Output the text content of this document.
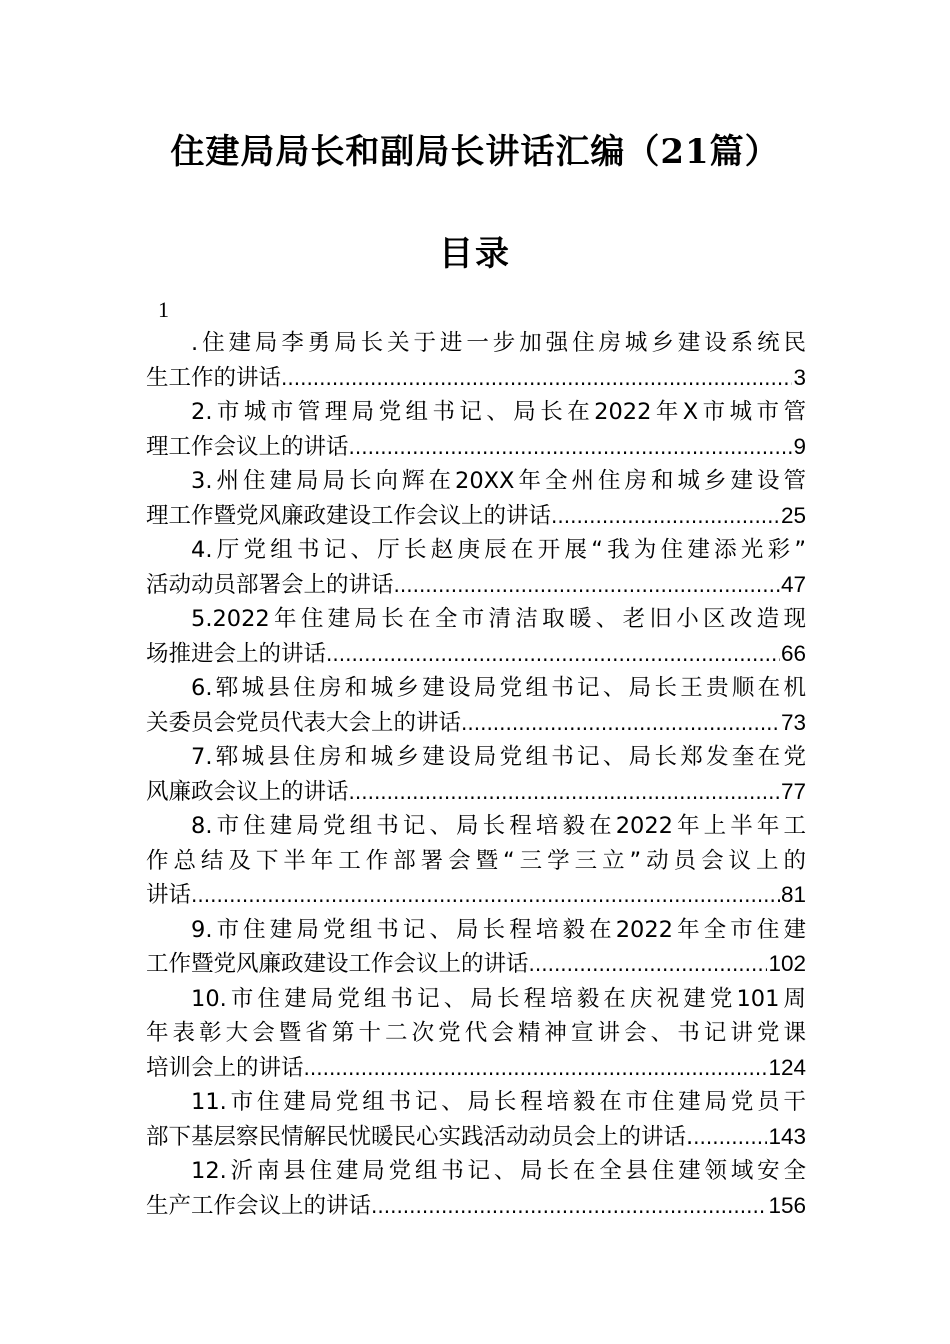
住建局局长和副局长讲话汇编（21篇）
目录
1
.住建局李勇局长关于进一步加强住房城乡建设系统民
生工作的讲话 .....	3
2.市城市管理局党组书记、局长在2022年X市城市管
理工作会议上的讲话 .....	9
3.州住建局局长向辉在20XX年全州住房和城乡建设管
理工作暨党风廉政建设工作会议上的讲话 .....	25
4.厅党组书记、厅长赵庚辰在开展“我为住建添光彩”
活动动员部署会上的讲话 .....	47
5.2022年住建局长在全市清洁取暖、老旧小区改造现
场推进会上的讲话 .....	66
6.郓城县住房和城乡建设局党组书记、局长王贵顺在机
关委员会党员代表大会上的讲话 .....	73
7.郓城县住房和城乡建设局党组书记、局长郑发奎在党
风廉政会议上的讲话 .....	77
8.市住建局党组书记、局长程培毅在2022年上半年工
作总结及下半年工作部署会暨“三学三立”动员会议上的
讲话 .....	81
9.市住建局党组书记、局长程培毅在2022年全市住建
工作暨党风廉政建设工作会议上的讲话 .....	102
10.市住建局党组书记、局长程培毅在庆祝建党101周
年表彰大会暨省第十二次党代会精神宣讲会、书记讲党课
培训会上的讲话 .....	124
11.市住建局党组书记、局长程培毅在市住建局党员干
部下基层察民情解民忧暖民心实践活动动员会上的讲话. .....	143
12.沂南县住建局党组书记、局长在全县住建领域安全
生产工作会议上的讲话 .....	156
